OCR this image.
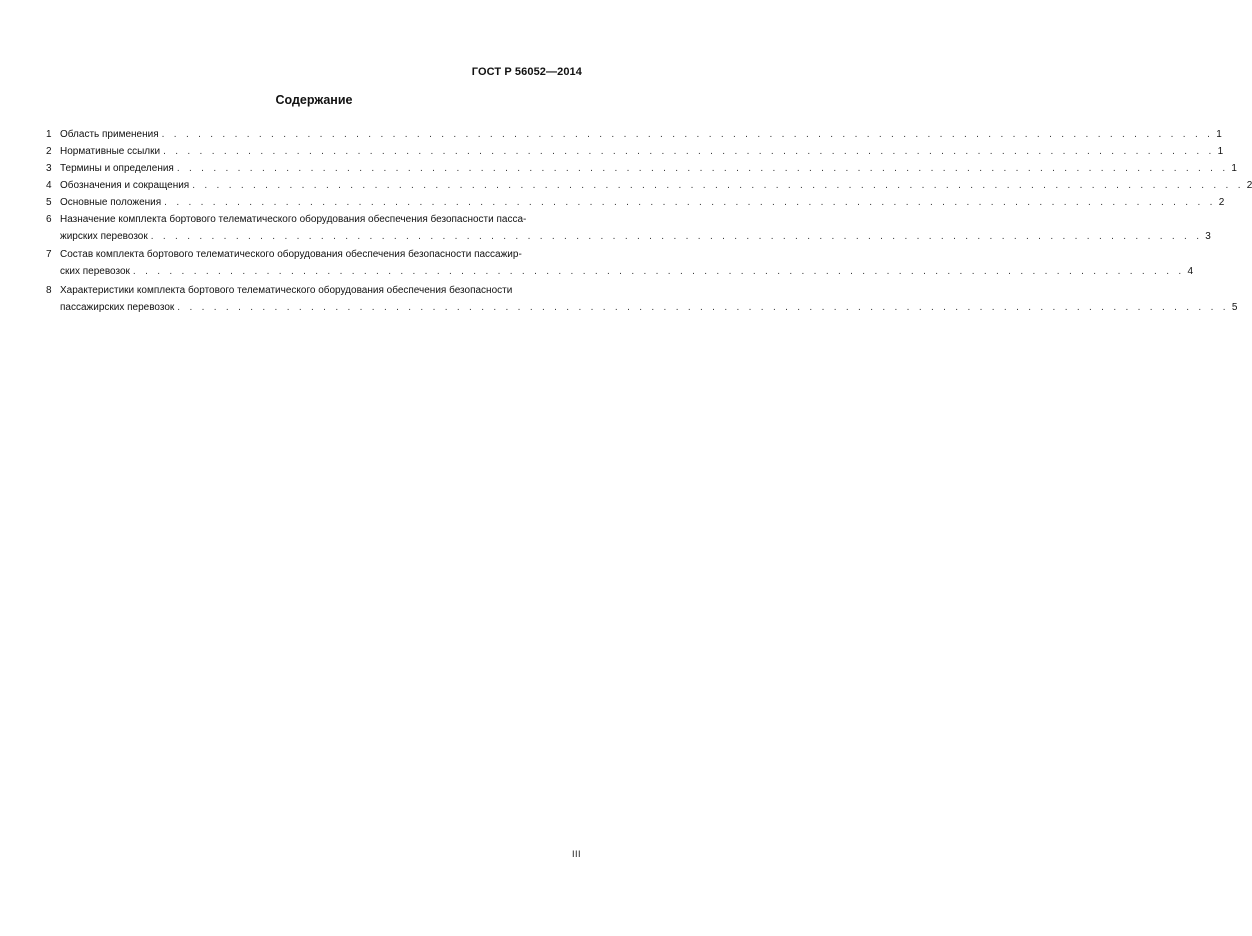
ГОСТ Р 56052—2014
Содержание
1 Область применения . . . . . . . . . . . . . . . . . . . . . . . . . . . . . . . . . . . . . . . . . . . . . . . . . . . . . . . . . . . . . . . . . . . . . . . . . . . . . . . . . . . . . . . 1
2 Нормативные ссылки . . . . . . . . . . . . . . . . . . . . . . . . . . . . . . . . . . . . . . . . . . . . . . . . . . . . . . . . . . . . . . . . . . . . . . . . . . . . . . . . . . . . . . . 1
3 Термины и определения . . . . . . . . . . . . . . . . . . . . . . . . . . . . . . . . . . . . . . . . . . . . . . . . . . . . . . . . . . . . . . . . . . . . . . . . . . . . . . . . . . . . . . . 1
4 Обозначения и сокращения . . . . . . . . . . . . . . . . . . . . . . . . . . . . . . . . . . . . . . . . . . . . . . . . . . . . . . . . . . . . . . . . . . . . . . . . . . . . . . . . . . . . . . . 2
5 Основные положения . . . . . . . . . . . . . . . . . . . . . . . . . . . . . . . . . . . . . . . . . . . . . . . . . . . . . . . . . . . . . . . . . . . . . . . . . . . . . . . . . . . . . . . 2
6 Назначение комплекта бортового телематического оборудования обеспечения безопасности пасса-
жирских перевозок . . . . . . . . . . . . . . . . . . . . . . . . . . . . . . . . . . . . . . . . . . . . . . . . . . . . . . . . . . . . . . . . . . . . . . . . . . . . . . . . . . . . . . . 3
7 Состав комплекта бортового телематического оборудования обеспечения безопасности пассажир-
ских перевозок . . . . . . . . . . . . . . . . . . . . . . . . . . . . . . . . . . . . . . . . . . . . . . . . . . . . . . . . . . . . . . . . . . . . . . . . . . . . . . . . . . . . . . . 4
8 Характеристики комплекта бортового телематического оборудования обеспечения безопасности
пассажирских перевозок . . . . . . . . . . . . . . . . . . . . . . . . . . . . . . . . . . . . . . . . . . . . . . . . . . . . . . . . . . . . . . . . . . . . . . . . . . . . . . . . . . . . . . . 5
III
